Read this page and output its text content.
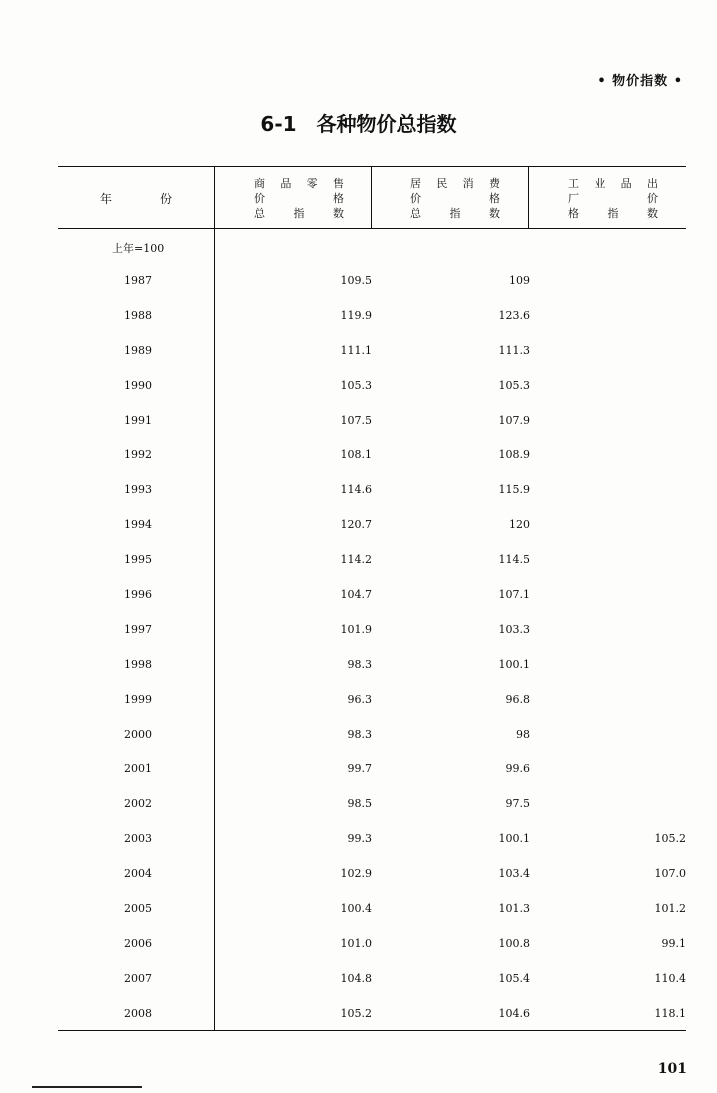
• 物价指数 •
6-1　各种物价总指数
年	份
商 品 零 售
价	格
总	指	数
居 民 消 费
价	格
总	指	数
工 业 品 出
厂	价
格	指	数
上年=100
1987	109.5	109
1988	119.9	123.6
1989	111.1	111.3
1990	105.3	105.3
1991	107.5	107.9
1992	108.1	108.9
1993	114.6	115.9
1994	120.7	120
1995	114.2	114.5
1996	104.7	107.1
1997	101.9	103.3
1998	98.3	100.1
1999	96.3	96.8
2000	98.3	98
2001	99.7	99.6
2002	98.5	97.5
2003	99.3	100.1	105.2
2004	102.9	103.4	107.0
2005	100.4	101.3	101.2
2006	101.0	100.8	99.1
2007	104.8	105.4	110.4
2008	105.2	104.6	118.1
101
